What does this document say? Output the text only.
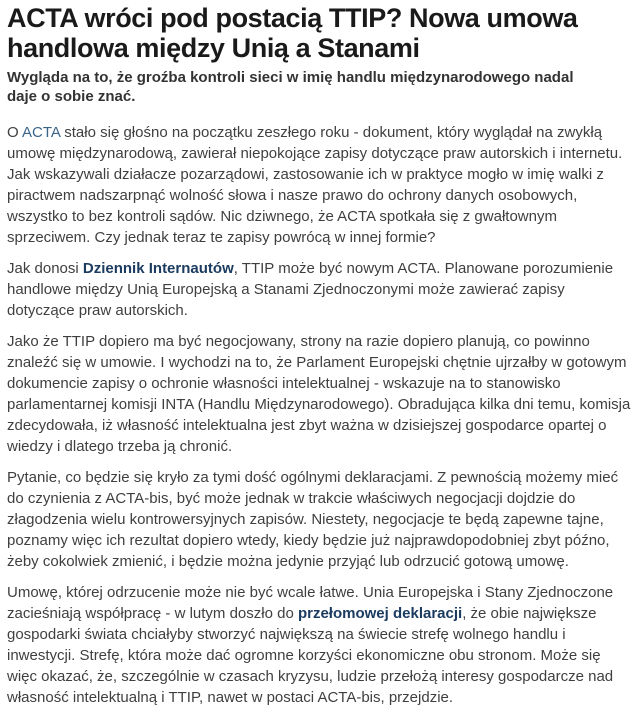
ACTA wróci pod postacią TTIP? Nowa umowa handlowa między Unią a Stanami

Wygląda na to, że groźba kontroli sieci w imię handlu międzynarodowego nadal daje o sobie znać.

O ACTA stało się głośno na początku zeszłego roku - dokument, który wyglądał na zwykłą umowę międzynarodową, zawierał niepokojące zapisy dotyczące praw autorskich i internetu. Jak wskazywali działacze pozarządowi, zastosowanie ich w praktyce mogło w imię walki z piractwem nadszarpnąć wolność słowa i nasze prawo do ochrony danych osobowych, wszystko to bez kontroli sądów. Nic dziwnego, że ACTA spotkała się z gwałtownym sprzeciwem. Czy jednak teraz te zapisy powrócą w innej formie?

Jak donosi Dziennik Internautów, TTIP może być nowym ACTA. Planowane porozumienie handlowe między Unią Europejską a Stanami Zjednoczonymi może zawierać zapisy dotyczące praw autorskich.

Jako że TTIP dopiero ma być negocjowany, strony na razie dopiero planują, co powinno znaleźć się w umowie. I wychodzi na to, że Parlament Europejski chętnie ujrzałby w gotowym dokumencie zapisy o ochronie własności intelektualnej - wskazuje na to stanowisko parlamentarnej komisji INTA (Handlu Międzynarodowego). Obradująca kilka dni temu, komisja zdecydowała, iż własność intelektualna jest zbyt ważna w dzisiejszej gospodarce opartej o wiedzy i dlatego trzeba ją chronić.

Pytanie, co będzie się kryło za tymi dość ogólnymi deklaracjami. Z pewnością możemy mieć do czynienia z ACTA-bis, być może jednak w trakcie właściwych negocjacji dojdzie do złagodzenia wielu kontrowersyjnych zapisów. Niestety, negocjacje te będą zapewne tajne, poznamy więc ich rezultat dopiero wtedy, kiedy będzie już najprawdopodobniej zbyt późno, żeby cokolwiek zmienić, i będzie można jedynie przyjąć lub odrzucić gotową umowę.

Umowę, której odrzucenie może nie być wcale łatwe. Unia Europejska i Stany Zjednoczone zacieśniają współpracę - w lutym doszło do przełomowej deklaracji, że obie największe gospodarki świata chciałyby stworzyć największą na świecie strefę wolnego handlu i inwestycji. Strefę, która może dać ogromne korzyści ekonomiczne obu stronom. Może się więc okazać, że, szczególnie w czasach kryzysu, ludzie przełożą interesy gospodarcze nad własność intelektualną i TTIP, nawet w postaci ACTA-bis, przejdzie.
